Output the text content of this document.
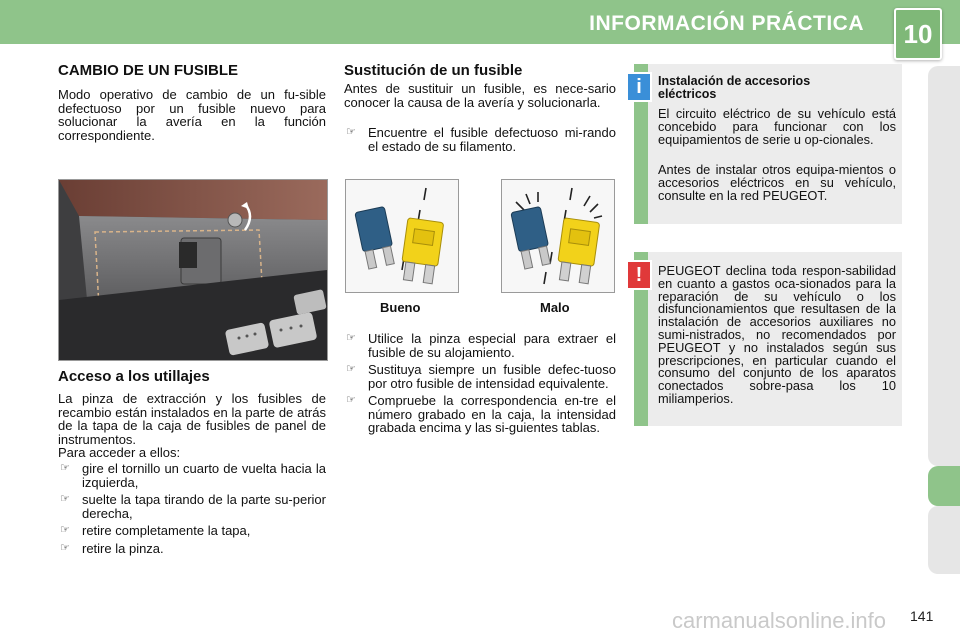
INFORMACIÓN PRÁCTICA	10
CAMBIO DE UN FUSIBLE

Modo operativo de cambio de un fu-sible defectuoso por un fusible nuevo para solucionar la avería en la función correspondiente.

Acceso a los utillajes

La pinza de extracción y los fusibles de recambio están instalados en la parte de atrás de la tapa de la caja de fusibles de panel de instrumentos.

Para acceder a ellos:

☞ gire el tornillo un cuarto de vuelta hacia la izquierda,
☞ suelte la tapa tirando de la parte su-perior derecha,
☞ retire completamente la tapa,
☞ retire la pinza.
Sustitución de un fusible

Antes de sustituir un fusible, es nece-sario conocer la causa de la avería y solucionarla.

☞ Encuentre el fusible defectuoso mi-rando el estado de su filamento.
Bueno	Malo
☞ Utilice la pinza especial para extraer el fusible de su alojamiento.
☞ Sustituya siempre un fusible defec-tuoso por otro fusible de intensidad equivalente.
☞ Compruebe la correspondencia en-tre el número grabado en la caja, la intensidad grabada encima y las si-guientes tablas.
i	Instalación de accesorios eléctricos

El circuito eléctrico de su vehículo está concebido para funcionar con los equipamientos de serie u op-cionales.

Antes de instalar otros equipa-mientos o accesorios eléctricos en su vehículo, consulte en la red PEUGEOT.

!	PEUGEOT declina toda respon-sabilidad en cuanto a gastos oca-sionados para la reparación de su vehículo o los disfuncionamientos que resultasen de la instalación de accesorios auxiliares no sumi-nistrados, no recomendados por PEUGEOT y no instalados según sus prescripciones, en particular cuando el consumo del conjunto de los aparatos conectados sobre-pasa los 10 miliamperios.

carmanualsonline.info 141
